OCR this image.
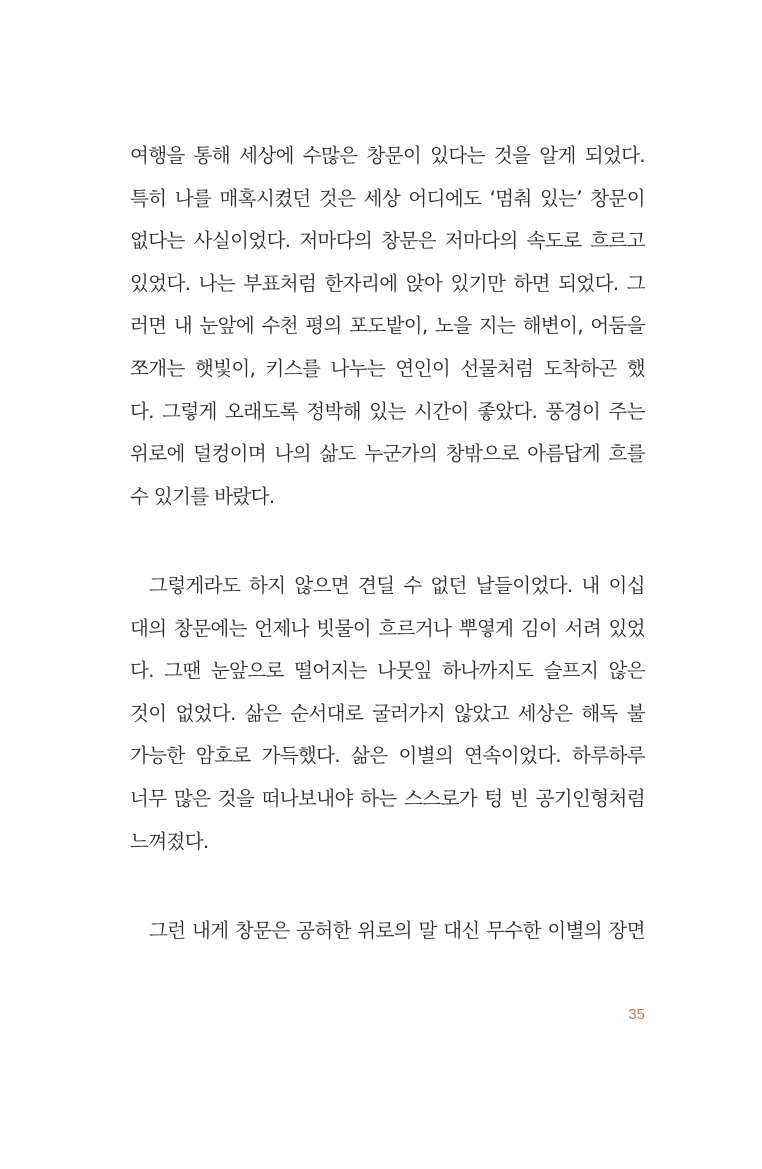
여행을 통해 세상에 수많은 창문이 있다는 것을 알게 되었다.
특히 나를 매혹시켰던 것은 세상 어디에도 ‘멈춰 있는’ 창문이
없다는 사실이었다. 저마다의 창문은 저마다의 속도로 흐르고
있었다. 나는 부표처럼 한자리에 앉아 있기만 하면 되었다. 그
러면 내 눈앞에 수천 평의 포도밭이, 노을 지는 해변이, 어둠을
쪼개는 햇빛이, 키스를 나누는 연인이 선물처럼 도착하곤 했
다. 그렇게 오래도록 정박해 있는 시간이 좋았다. 풍경이 주는
위로에 덜컹이며 나의 삶도 누군가의 창밖으로 아름답게 흐를
수 있기를 바랐다.
그렇게라도 하지 않으면 견딜 수 없던 날들이었다. 내 이십
대의 창문에는 언제나 빗물이 흐르거나 뿌옇게 김이 서려 있었
다. 그땐 눈앞으로 떨어지는 나뭇잎 하나까지도 슬프지 않은
것이 없었다. 삶은 순서대로 굴러가지 않았고 세상은 해독 불
가능한 암호로 가득했다. 삶은 이별의 연속이었다. 하루하루
너무 많은 것을 떠나보내야 하는 스스로가 텅 빈 공기인형처럼
느껴졌다.
그런 내게 창문은 공허한 위로의 말 대신 무수한 이별의 장면
35
